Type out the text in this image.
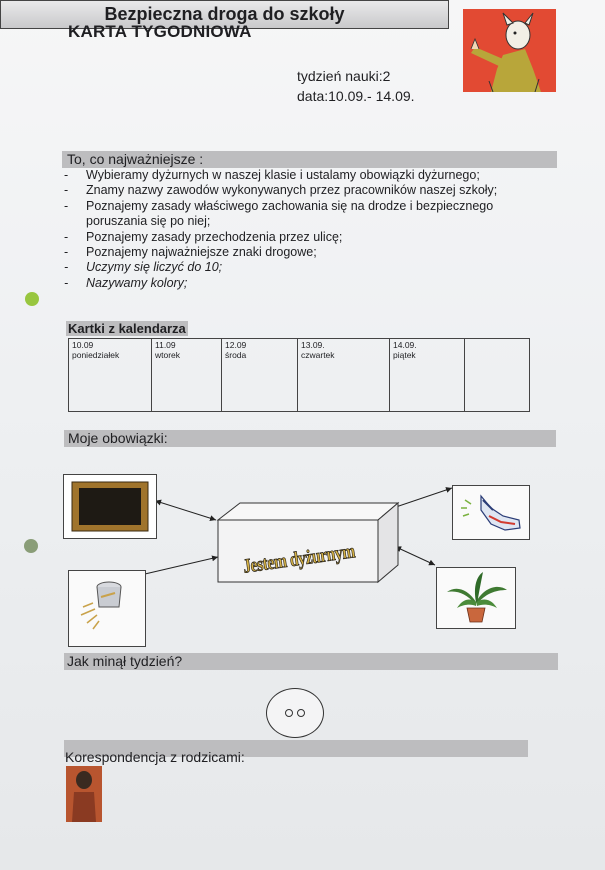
KARTA TYGODNIOWA
tydzień nauki:2
data:10.09.- 14.09.
Bezpieczna droga do szkoły
To, co najważniejsze :
- Wybieramy dyżurnych w naszej klasie i ustalamy obowiązki dyżurnego;
- Znamy nazwy zawodów wykonywanych przez pracowników naszej szkoły;
- Poznajemy zasady właściwego zachowania się na drodze i bezpiecznego poruszania się po niej;
- Poznajemy zasady przechodzenia przez ulicę;
- Poznajemy najważniejsze znaki drogowe;
- Uczymy się liczyć do 10;
- Nazywamy kolory;
Kartki z kalendarza
10.09
poniedziałek

11.09
wtorek

12.09
środa

13.09.
czwartek

14.09.
piątek

Moje obowiązki:
Jestem dyżurnym
Jak minął tydzień?
Korespondencja z rodzicami:
